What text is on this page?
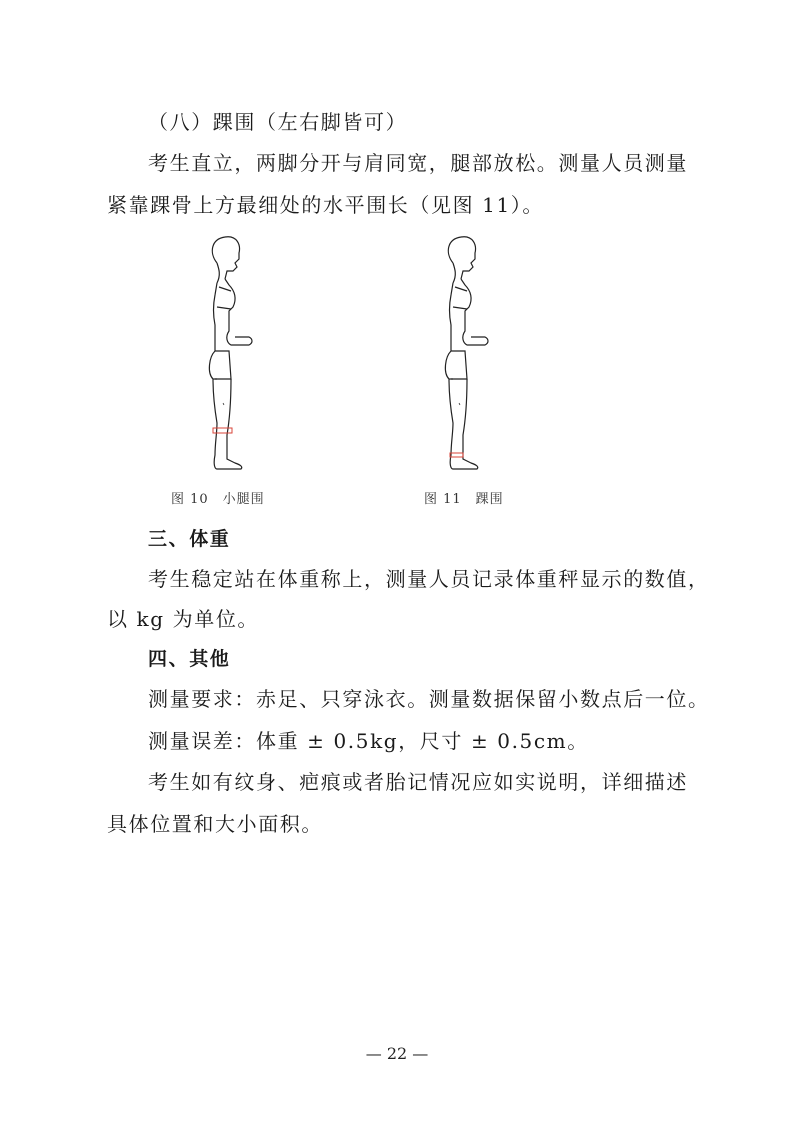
（八）踝围（左右脚皆可）
考生直立，两脚分开与肩同宽，腿部放松。测量人员测量
紧靠踝骨上方最细处的水平围长（见图 11）。
图 10　小腿围	图 11　踝围
三、体重
考生稳定站在体重称上，测量人员记录体重秤显示的数值，
以 kg 为单位。
四、其他
测量要求：赤足、只穿泳衣。测量数据保留小数点后一位。
测量误差：体重 ± 0.5kg，尺寸 ± 0.5cm。
考生如有纹身、疤痕或者胎记情况应如实说明，详细描述
具体位置和大小面积。
— 22 —
